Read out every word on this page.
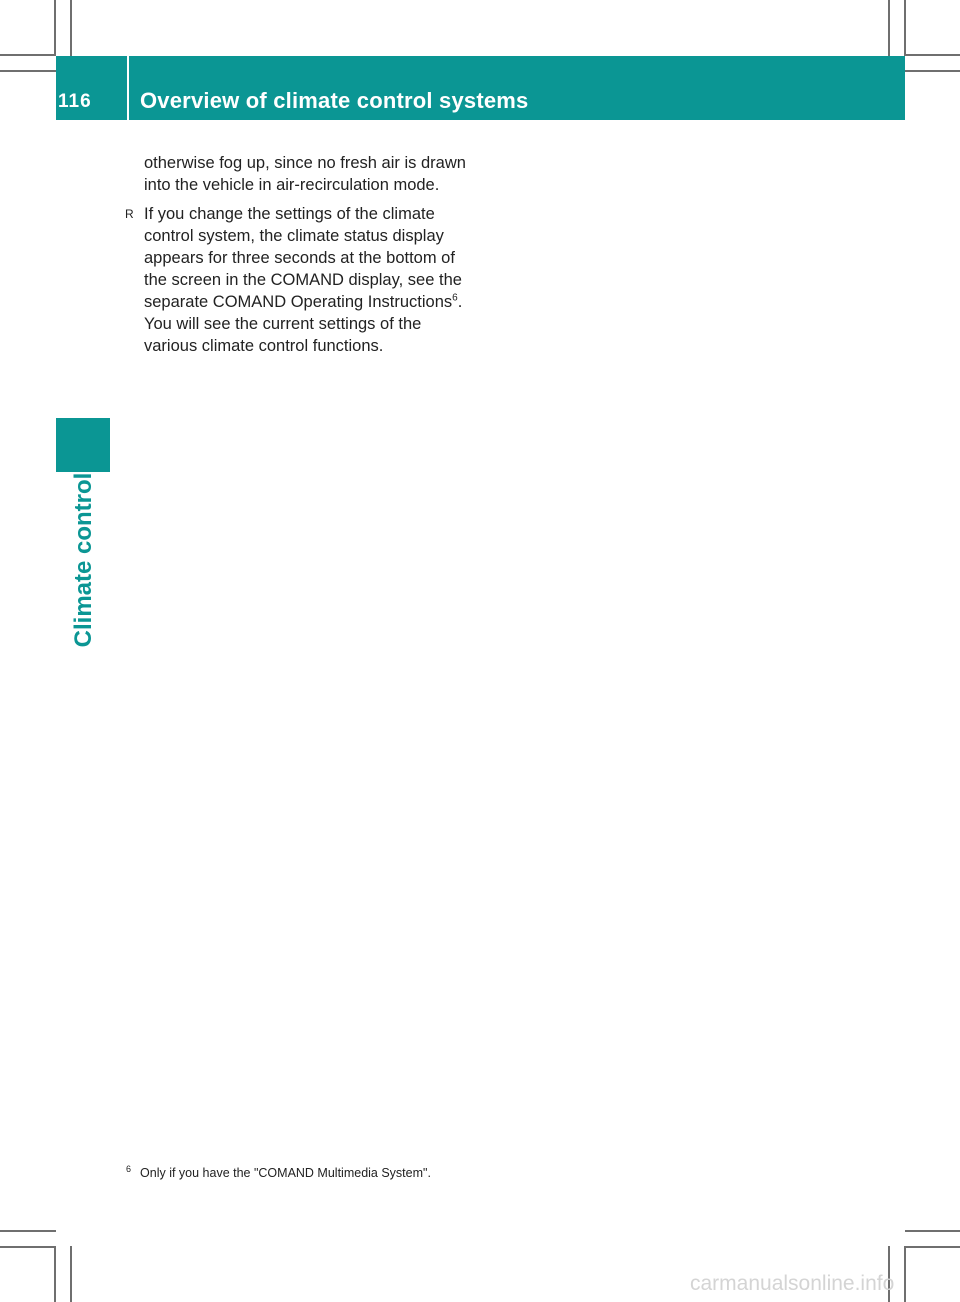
116	Overview of climate control systems
Climate control

otherwise fog up, since no fresh air is drawn into the vehicle in air-recirculation mode.

R If you change the settings of the climate control system, the climate status display appears for three seconds at the bottom of the screen in the COMAND display, see the separate COMAND Operating Instructions$^6$. You will see the current settings of the various climate control functions.

$^6$ Only if you have the "COMAND Multimedia System".
carmanualsonline.info
